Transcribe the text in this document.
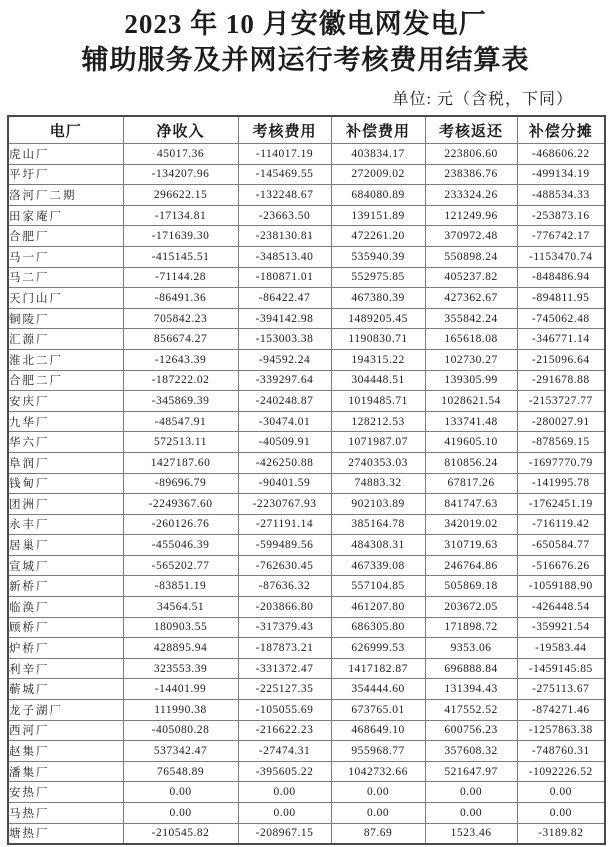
2023 年 10 月安徽电网发电厂
辅助服务及并网运行考核费用结算表
单位: 元（含税，下同）
电厂	净收入	考核费用	补偿费用	考核返还	补偿分摊
虎山厂	45017.36	-114017.19	403834.17	223806.60	-468606.22
平圩厂	-134207.96	-145469.55	272009.02	238386.76	-499134.19
洛河厂二期	296622.15	-132248.67	684080.89	233324.26	-488534.33
田家庵厂	-17134.81	-23663.50	139151.89	121249.96	-253873.16
合肥厂	-171639.30	-238130.81	472261.20	370972.48	-776742.17
马一厂	-415145.51	-348513.40	535940.39	550898.24	-1153470.74
马二厂	-71144.28	-180871.01	552975.85	405237.82	-848486.94
天门山厂	-86491.36	-86422.47	467380.39	427362.67	-894811.95
铜陵厂	705842.23	-394142.98	1489205.45	355842.24	-745062.48
汇源厂	856674.27	-153003.38	1190830.71	165618.08	-346771.14
淮北二厂	-12643.39	-94592.24	194315.22	102730.27	-215096.64
合肥二厂	-187222.02	-339297.64	304448.51	139305.99	-291678.88
安庆厂	-345869.39	-240248.87	1019485.71	1028621.54	-2153727.77
九华厂	-48547.91	-30474.01	128212.53	133741.48	-280027.91
华六厂	572513.11	-40509.91	1071987.07	419605.10	-878569.15
阜润厂	1427187.60	-426250.88	2740353.03	810856.24	-1697770.79
钱甸厂	-89696.79	-90401.59	74883.32	67817.26	-141995.78
团洲厂	-2249367.60	-2230767.93	902103.89	841747.63	-1762451.19
永丰厂	-260126.76	-271191.14	385164.78	342019.02	-716119.42
居巢厂	-455046.39	-599489.56	484308.31	310719.63	-650584.77
宣城厂	-565202.77	-762630.45	467339.08	246764.86	-516676.26
新桥厂	-83851.19	-87636.32	557104.85	505869.18	-1059188.90
临涣厂	34564.51	-203866.80	461207.80	203672.05	-426448.54
顾桥厂	180903.55	-317379.43	686305.80	171898.72	-359921.54
炉桥厂	428895.94	-187873.21	626999.53	9353.06	-19583.44
利辛厂	323553.39	-331372.47	1417182.87	696888.84	-1459145.85
蕲城厂	-14401.99	-225127.35	354444.60	131394.43	-275113.67
龙子湖厂	111990.38	-105055.69	673765.01	417552.52	-874271.46
西河厂	-405080.28	-216622.23	468649.10	600756.23	-1257863.38
赵集厂	537342.47	-27474.31	955968.77	357608.32	-748760.31
潘集厂	76548.89	-395605.22	1042732.66	521647.97	-1092226.52
安热厂	0.00	0.00	0.00	0.00	0.00
马热厂	0.00	0.00	0.00	0.00	0.00
塘热厂	-210545.82	-208967.15	87.69	1523.46	-3189.82
